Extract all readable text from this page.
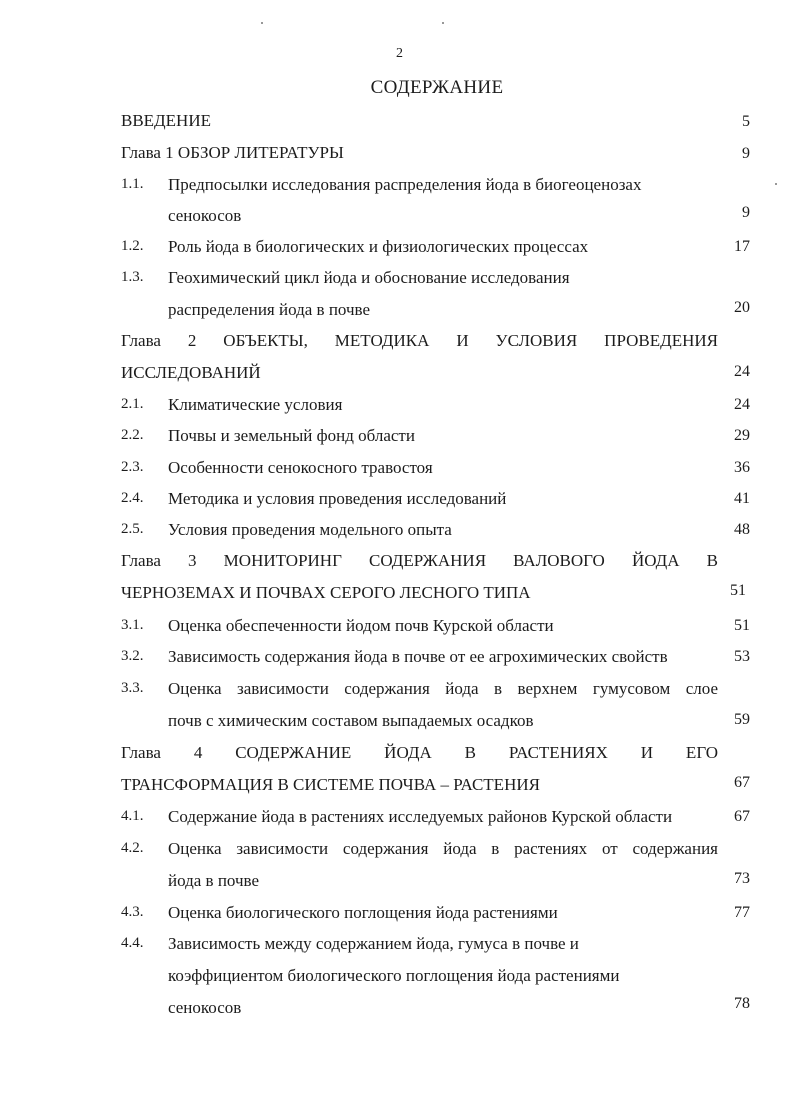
2
СОДЕРЖАНИЕ
ВВЕДЕНИЕ	5
Глава 1 ОБЗОР ЛИТЕРАТУРЫ	9
1.1. Предпосылки исследования распределения йода в биогеоценозах
сенокосов	9
1.2. Роль йода в биологических и физиологических процессах	17
1.3. Геохимический цикл йода и обоснование исследования
распределения йода в почве	20
Глава 2 ОБЪЕКТЫ, МЕТОДИКА И УСЛОВИЯ ПРОВЕДЕНИЯ
ИССЛЕДОВАНИЙ	24
2.1. Климатические условия	24
2.2. Почвы и земельный фонд области	29
2.3. Особенности сенокосного травостоя	36
2.4. Методика и условия проведения исследований	41
2.5. Условия проведения модельного опыта	48
Глава 3 МОНИТОРИНГ СОДЕРЖАНИЯ ВАЛОВОГО ЙОДА В
ЧЕРНОЗЕМАХ И ПОЧВАХ СЕРОГО ЛЕСНОГО ТИПА	51
3.1. Оценка обеспеченности йодом почв Курской области	51
3.2. Зависимость содержания йода в почве от ее агрохимических свойств	53
3.3. Оценка зависимости содержания йода в верхнем гумусовом слое
почв с химическим составом выпадаемых осадков	59
Глава 4 СОДЕРЖАНИЕ ЙОДА В РАСТЕНИЯХ И ЕГО
ТРАНСФОРМАЦИЯ В СИСТЕМЕ ПОЧВА – РАСТЕНИЯ	67
4.1. Содержание йода в растениях исследуемых районов Курской области	67
4.2. Оценка зависимости содержания йода в растениях от содержания
йода в почве	73
4.3. Оценка биологического поглощения йода растениями	77
4.4. Зависимость между содержанием йода, гумуса в почве и
коэффициентом биологического поглощения йода растениями
сенокосов	78
